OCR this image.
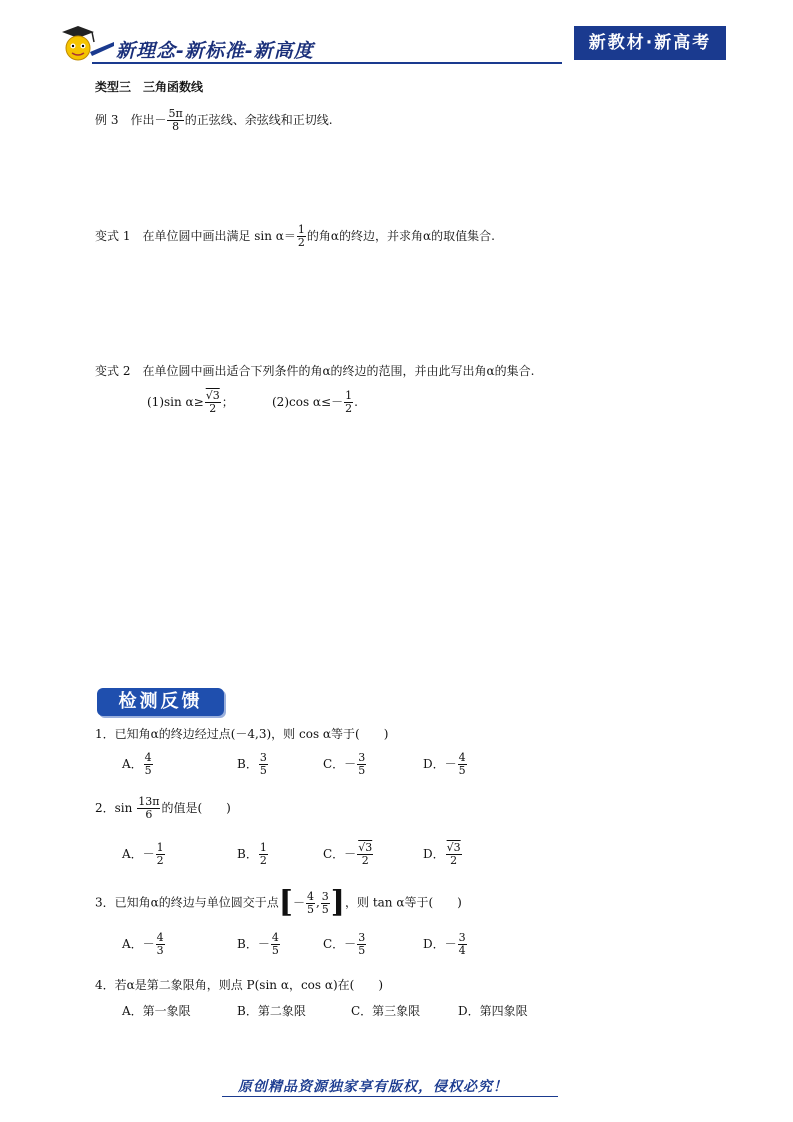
新理念-新标准-新高度	新教材·新高考
类型三　三角函数线
例 3　作出－ $\frac{5\pi}{8}$ 的正弦线、余弦线和正切线.
变式 1　在单位圆中画出满足 $\sin \alpha= \frac{1}{2}$ 的角α的终边，并求角α的取值集合.
变式 2　在单位圆中画出适合下列条件的角α的终边的范围，并由此写出角α的集合.
(1)sin $\alpha\ge \frac{√3}{2}$ ；	(2)cos $\alpha\le- \frac{1}{2}$ .
检测反馈
1．已知角α的终边经过点(－4,3)，则 cos α等于(　　)
A． $\frac{4}{5}$	B． $\frac{3}{5}$	C．－ $\frac{3}{5}$	D．－ $\frac{4}{5}$
2．$\sin \frac{13\pi}{6}$ 的值是(　　)
A．－ $\frac{1}{2}$	B． $\frac{1}{2}$	C．－ $\frac{√3}{2}$	D． $\frac{√3}{2}$
3．已知角α的终边与单位圆交于点[－ $\frac{4}{5}$ , $\frac{3}{5}$ ]，则 tan α等于(　　)
A．－ $\frac{4}{3}$	B．－ $\frac{4}{5}$	C．－ $\frac{3}{5}$	D．－ $\frac{3}{4}$
4．若α是第二象限角，则点 P(sin α，cos α)在(　　)
A．第一象限	B．第二象限	C．第三象限	D．第四象限
原创精品资源独家享有版权，侵权必究！
